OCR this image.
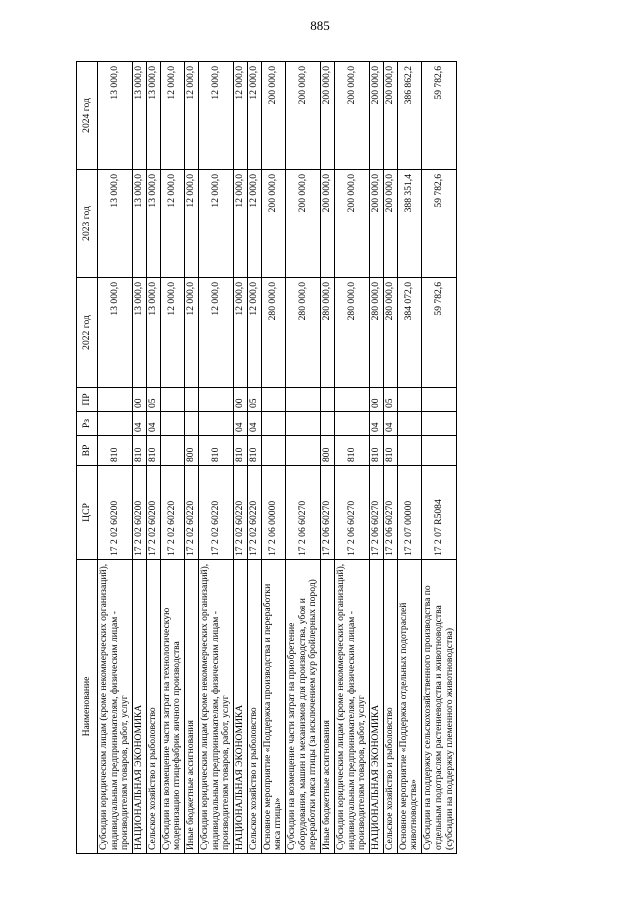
885
Наименование	ЦСР	ВР	Рз	ПР	2022 год	2023 год	2024 год
Субсидии юридическим лицам (кроме некоммерческих организаций), индивидуальным предпринимателям, физическим лицам - производителям товаров, работ, услуг	17 2 02 60200	810			13 000,0	13 000,0	13 000,0
НАЦИОНАЛЬНАЯ ЭКОНОМИКА	17 2 02 60200	810	04	00	13 000,0	13 000,0	13 000,0
Сельское хозяйство и рыболовство	17 2 02 60200	810	04	05	13 000,0	13 000,0	13 000,0
Субсидии на возмещение части затрат на технологическую модернизацию птицефабрик яичного производства	17 2 02 60220				12 000,0	12 000,0	12 000,0
Иные бюджетные ассигнования	17 2 02 60220	800			12 000,0	12 000,0	12 000,0
Субсидии юридическим лицам (кроме некоммерческих организаций), индивидуальным предпринимателям, физическим лицам - производителям товаров, работ, услуг	17 2 02 60220	810			12 000,0	12 000,0	12 000,0
НАЦИОНАЛЬНАЯ ЭКОНОМИКА	17 2 02 60220	810	04	00	12 000,0	12 000,0	12 000,0
Сельское хозяйство и рыболовство	17 2 02 60220	810	04	05	12 000,0	12 000,0	12 000,0
Основное мероприятие «Поддержка производства и переработки мяса птицы»	17 2 06 00000				280 000,0	200 000,0	200 000,0
Субсидии на возмещение части затрат на приобретение оборудования, машин и механизмов для производства, убоя и переработки мяса птицы (за исключением кур бройлерных пород)	17 2 06 60270				280 000,0	200 000,0	200 000,0
Иные бюджетные ассигнования	17 2 06 60270	800			280 000,0	200 000,0	200 000,0
Субсидии юридическим лицам (кроме некоммерческих организаций), индивидуальным предпринимателям, физическим лицам - производителям товаров, работ, услуг	17 2 06 60270	810			280 000,0	200 000,0	200 000,0
НАЦИОНАЛЬНАЯ ЭКОНОМИКА	17 2 06 60270	810	04	00	280 000,0	200 000,0	200 000,0
Сельское хозяйство и рыболовство	17 2 06 60270	810	04	05	280 000,0	200 000,0	200 000,0
Основное мероприятие «Поддержка отдельных подотраслей животноводства»	17 2 07 00000				384 072,0	388 351,4	386 862,2
Субсидии на поддержку сельскохозяйственного производства по отдельным подотраслям растениеводства и животноводства (субсидии на поддержку племенного животноводства)	17 2 07 R5084				59 782,6	59 782,6	59 782,6
